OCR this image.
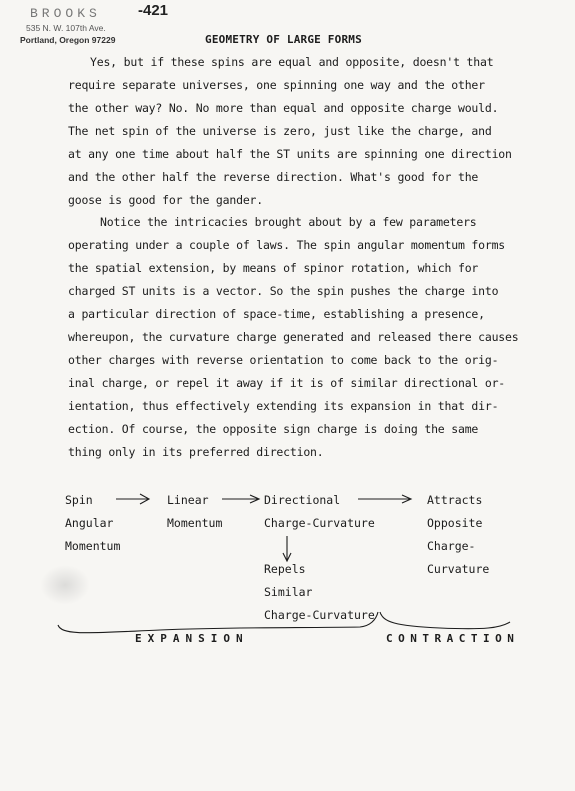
BROOKS -421
535 N. W. 107th Ave.
Portland, Oregon 97229	GEOMETRY OF LARGE FORMS
Yes, but if these spins are equal and opposite, doesn't that
require separate universes, one spinning one way and the other
the other way? No. No more than equal and opposite charge would.
The net spin of the universe is zero, just like the charge, and
at any one time about half the ST units are spinning one direction
and the other half the reverse direction. What's good for the
goose is good for the gander.
Notice the intricacies brought about by a few parameters
operating under a couple of laws. The spin angular momentum forms
the spatial extension, by means of spinor rotation, which for
charged ST units is a vector. So the spin pushes the charge into
a particular direction of space-time, establishing a presence,
whereupon, the curvature charge generated and released there causes
other charges with reverse orientation to come back to the orig-
inal charge, or repel it away if it is of similar directional or-
ientation, thus effectively extending its expansion in that dir-
ection. Of course, the opposite sign charge is doing the same
thing only in its preferred direction.
Spin
Angular
Momentum
Linear
Momentum
Directional
Charge-Curvature
Attracts
Opposite
Charge-
Curvature
Repels
Similar
Charge-Curvature
EXPANSION	CONTRACTION
